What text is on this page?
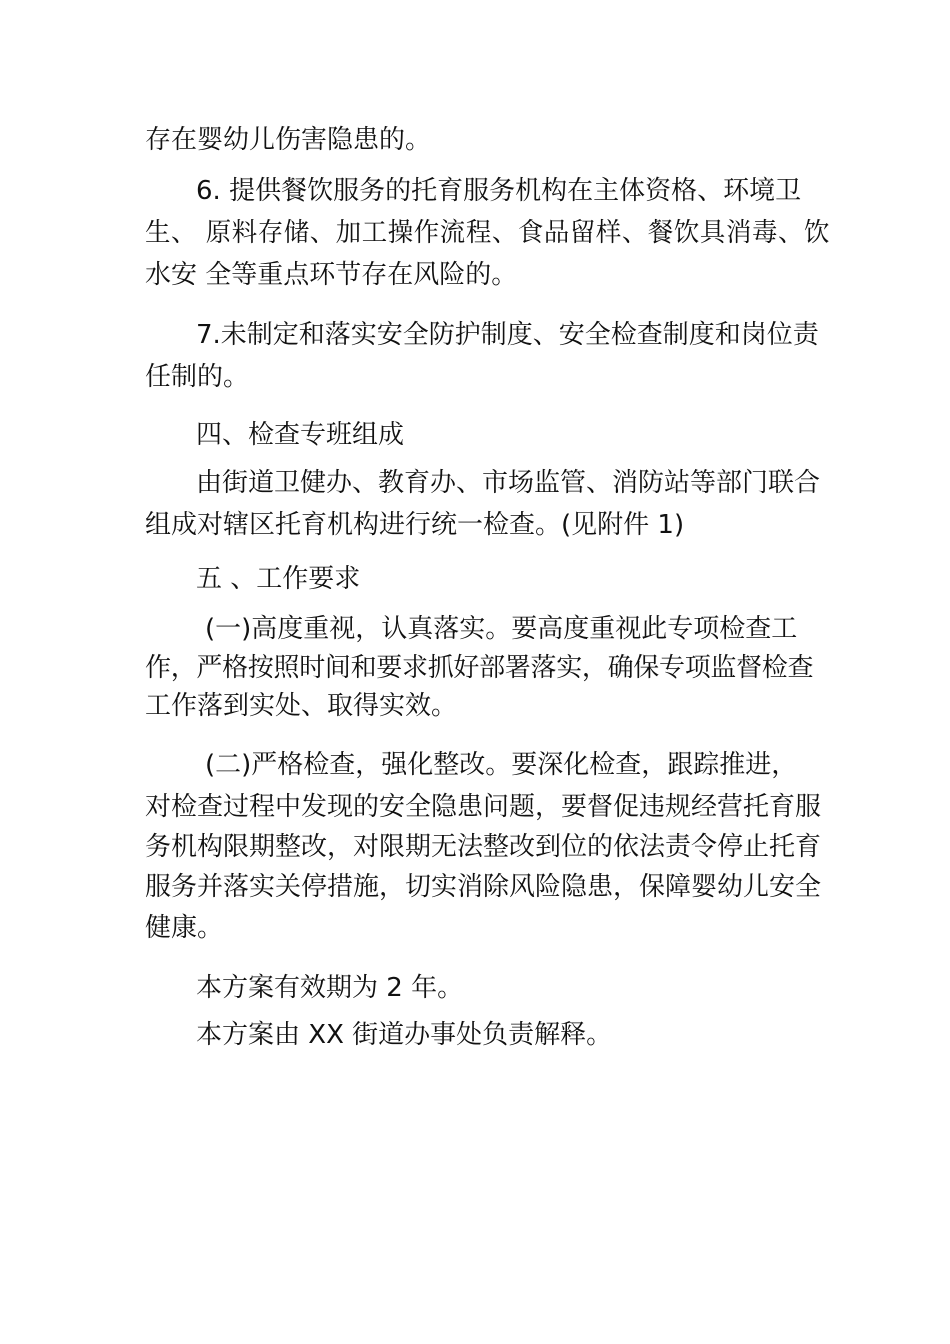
存在婴幼儿伤害隐患的。
6. 提供餐饮服务的托育服务机构在主体资格、环境卫
生、 原料存储、加工操作流程、食品留样、餐饮具消毒、饮
水安 全等重点环节存在风险的。
7.未制定和落实安全防护制度、安全检查制度和岗位责
任制的。
四、检查专班组成
由街道卫健办、教育办、市场监管、消防站等部门联合
组成对辖区托育机构进行统一检查。(见附件 1)
五 、工作要求
(一)高度重视，认真落实。要高度重视此专项检查工
作，严格按照时间和要求抓好部署落实，确保专项监督检查
工作落到实处、取得实效。
(二)严格检查，强化整改。要深化检查，跟踪推进，
对检查过程中发现的安全隐患问题，要督促违规经营托育服
务机构限期整改，对限期无法整改到位的依法责令停止托育
服务并落实关停措施，切实消除风险隐患，保障婴幼儿安全
健康。
本方案有效期为 2 年。
本方案由 XX 街道办事处负责解释。
